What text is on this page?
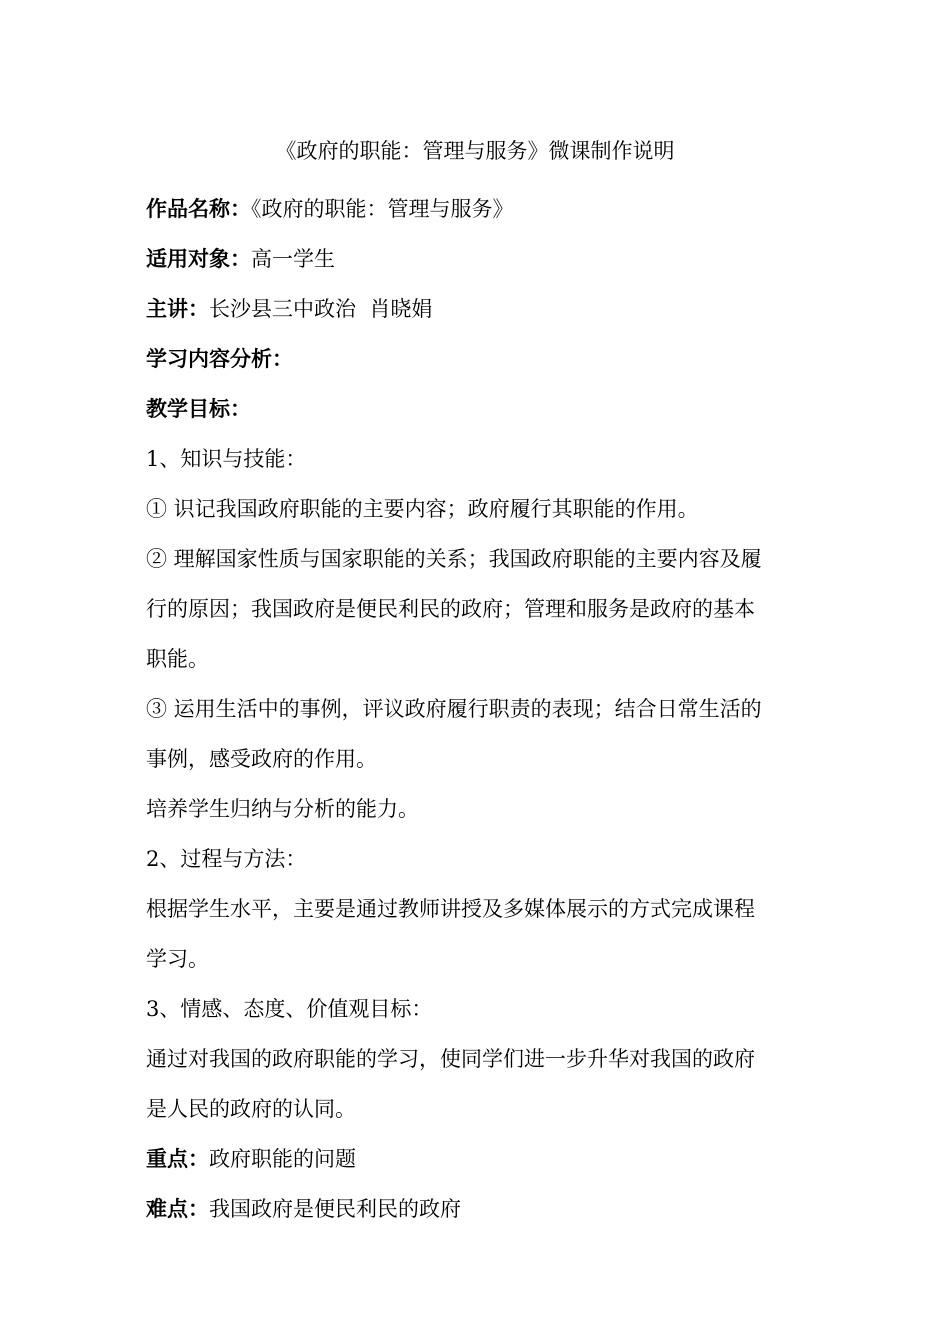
《政府的职能：管理与服务》微课制作说明
作品名称：《政府的职能：管理与服务》
适用对象：高一学生
主讲：长沙县三中政治  肖晓娟
学习内容分析：
教学目标：
1、知识与技能：
① 识记我国政府职能的主要内容；政府履行其职能的作用。
② 理解国家性质与国家职能的关系；我国政府职能的主要内容及履
行的原因；我国政府是便民利民的政府；管理和服务是政府的基本
职能。
③ 运用生活中的事例，评议政府履行职责的表现；结合日常生活的
事例，感受政府的作用。
培养学生归纳与分析的能力。
2、过程与方法：
根据学生水平，主要是通过教师讲授及多媒体展示的方式完成课程
学习。
3、情感、态度、价值观目标：
通过对我国的政府职能的学习，使同学们进一步升华对我国的政府
是人民的政府的认同。
重点：政府职能的问题
难点：我国政府是便民利民的政府
